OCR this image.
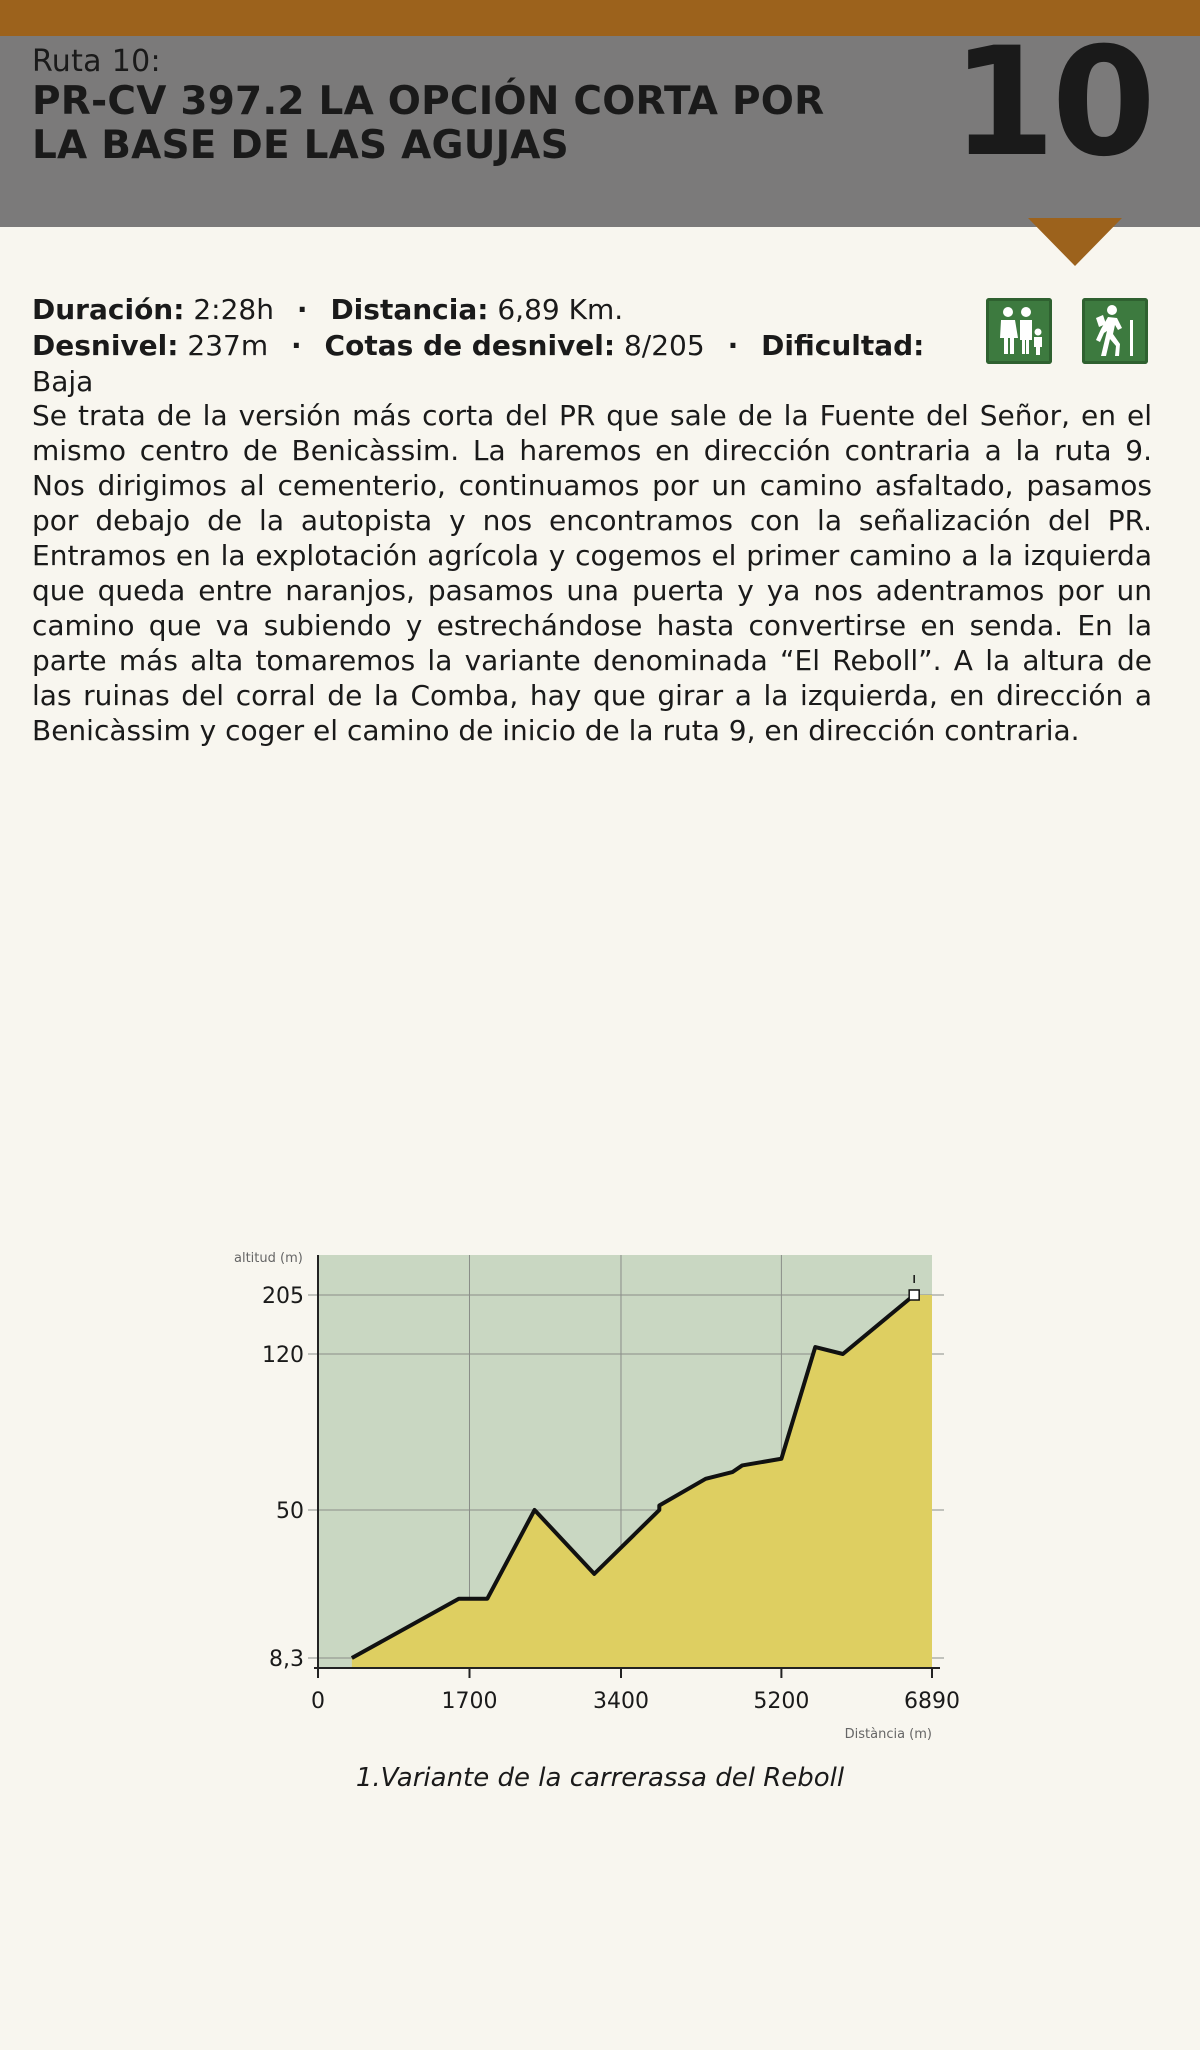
Ruta 10:
PR-CV 397.2 LA OPCIÓN CORTA POR
LA BASE DE LAS AGUJAS	10
Duración: 2:28h · Distancia: 6,89 Km.
Desnivel: 237m · Cotas de desnivel: 8/205 · Dificultad: Baja
Se trata de la versión más corta del PR que sale de la Fuente del Señor, en el mismo centro de Benicàssim. La haremos en dirección contraria a la ruta 9. Nos dirigimos al cementerio, continuamos por un camino asfaltado, pasamos por debajo de la autopista y nos encontramos con la señalización del PR. Entramos en la explotación agrícola y cogemos el primer camino a la izquierda que queda entre naranjos, pasamos una puerta y ya nos adentramos por un camino que va subiendo y estrechándose hasta convertirse en senda. En la parte más alta tomaremos la variante denominada “El Reboll”. A la altura de las ruinas del corral de la Comba, hay que girar a la izquierda, en dirección a Benicàssim y coger el camino de inicio de la ruta 9, en dirección contraria.
205
120
50
8,3
0	1700	3400	5200	6890
altitud (m)
Distància (m)
1.Variante de la carrerassa del Reboll
